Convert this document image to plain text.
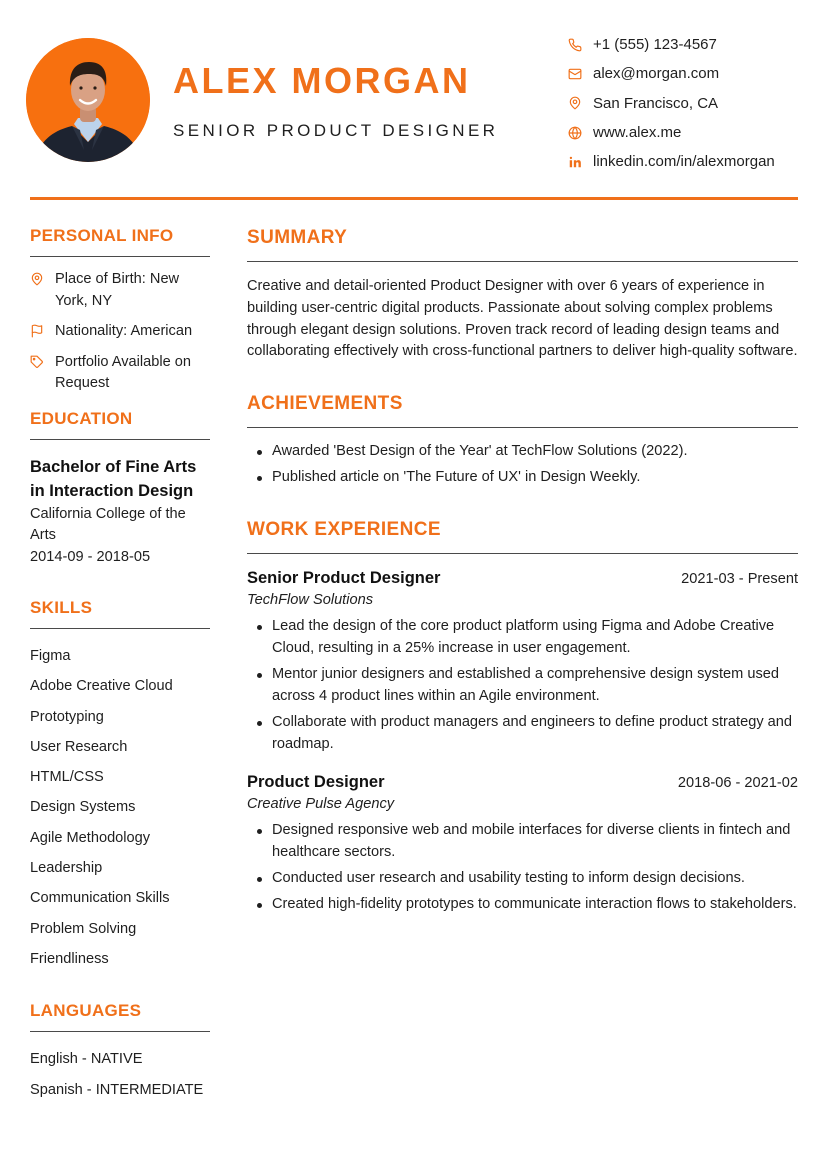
ALEX MORGAN
SENIOR PRODUCT DESIGNER
+1 (555) 123-4567
alex@morgan.com
San Francisco, CA
www.alex.me
linkedin.com/in/alexmorgan
PERSONAL INFO
Place of Birth: New York, NY
Nationality: American
Portfolio Available on Request
EDUCATION
Bachelor of Fine Arts in Interaction Design
California College of the Arts
2014-09 - 2018-05
SKILLS
Figma
Adobe Creative Cloud
Prototyping
User Research
HTML/CSS
Design Systems
Agile Methodology
Leadership
Communication Skills
Problem Solving
Friendliness
LANGUAGES
English - NATIVE
Spanish - INTERMEDIATE
SUMMARY

Creative and detail-oriented Product Designer with over 6 years of experience in building user-centric digital products. Passionate about solving complex problems through elegant design solutions. Proven track record of leading design teams and collaborating effectively with cross-functional partners to deliver high-quality software.

ACHIEVEMENTS
Awarded 'Best Design of the Year' at TechFlow Solutions (2022).
Published article on 'The Future of UX' in Design Weekly.
WORK EXPERIENCE
Senior Product Designer	2021-03 - Present
TechFlow Solutions
Lead the design of the core product platform using Figma and Adobe Creative Cloud, resulting in a 25% increase in user engagement.
Mentor junior designers and established a comprehensive design system used across 4 product lines within an Agile environment.
Collaborate with product managers and engineers to define product strategy and roadmap.
Product Designer	2018-06 - 2021-02
Creative Pulse Agency
Designed responsive web and mobile interfaces for diverse clients in fintech and healthcare sectors.
Conducted user research and usability testing to inform design decisions.
Created high-fidelity prototypes to communicate interaction flows to stakeholders.
